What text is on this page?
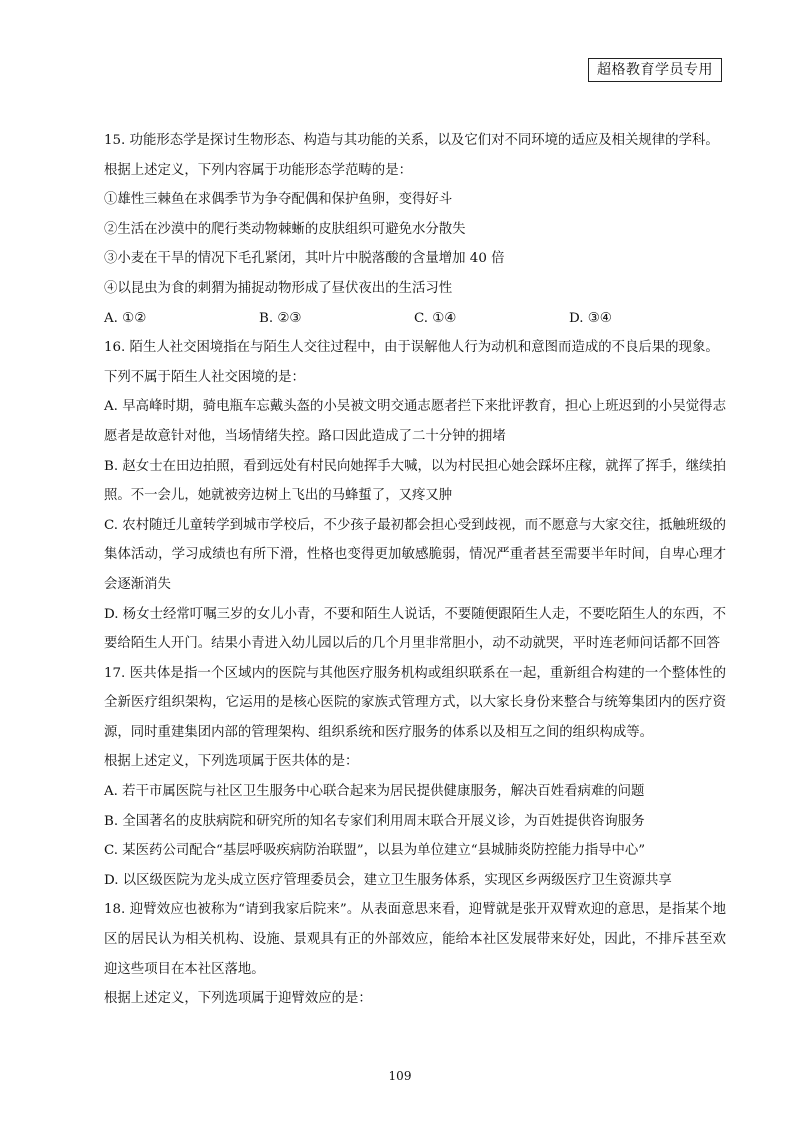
超格教育学员专用
15. 功能形态学是探讨生物形态、构造与其功能的关系，以及它们对不同环境的适应及相关规律的学科。
根据上述定义，下列内容属于功能形态学范畴的是：
①雄性三棘鱼在求偶季节为争夺配偶和保护鱼卵，变得好斗
②生活在沙漠中的爬行类动物棘蜥的皮肤组织可避免水分散失
③小麦在干旱的情况下毛孔紧闭，其叶片中脱落酸的含量增加 40 倍
④以昆虫为食的刺猬为捕捉动物形成了昼伏夜出的生活习性
A. ①②	B. ②③	C. ①④	D. ③④
16. 陌生人社交困境指在与陌生人交往过程中，由于误解他人行为动机和意图而造成的不良后果的现象。
下列不属于陌生人社交困境的是：
A. 早高峰时期，骑电瓶车忘戴头盔的小吴被文明交通志愿者拦下来批评教育，担心上班迟到的小吴觉得志愿者是故意针对他，当场情绪失控。路口因此造成了二十分钟的拥堵
B. 赵女士在田边拍照，看到远处有村民向她挥手大喊，以为村民担心她会踩坏庄稼，就挥了挥手，继续拍照。不一会儿，她就被旁边树上飞出的马蜂蜇了，又疼又肿
C. 农村随迁儿童转学到城市学校后，不少孩子最初都会担心受到歧视，而不愿意与大家交往，抵触班级的集体活动，学习成绩也有所下滑，性格也变得更加敏感脆弱，情况严重者甚至需要半年时间，自卑心理才会逐渐消失
D. 杨女士经常叮嘱三岁的女儿小青，不要和陌生人说话，不要随便跟陌生人走，不要吃陌生人的东西，不要给陌生人开门。结果小青进入幼儿园以后的几个月里非常胆小，动不动就哭，平时连老师问话都不回答
17. 医共体是指一个区域内的医院与其他医疗服务机构或组织联系在一起，重新组合构建的一个整体性的全新医疗组织架构，它运用的是核心医院的家族式管理方式，以大家长身份来整合与统筹集团内的医疗资源，同时重建集团内部的管理架构、组织系统和医疗服务的体系以及相互之间的组织构成等。
根据上述定义，下列选项属于医共体的是：
A. 若干市属医院与社区卫生服务中心联合起来为居民提供健康服务，解决百姓看病难的问题
B. 全国著名的皮肤病院和研究所的知名专家们利用周末联合开展义诊，为百姓提供咨询服务
C. 某医药公司配合“基层呼吸疾病防治联盟”，以县为单位建立“县城肺炎防控能力指导中心”
D. 以区级医院为龙头成立医疗管理委员会，建立卫生服务体系，实现区乡两级医疗卫生资源共享
18. 迎臂效应也被称为“请到我家后院来”。从表面意思来看，迎臂就是张开双臂欢迎的意思，是指某个地区的居民认为相关机构、设施、景观具有正的外部效应，能给本社区发展带来好处，因此，不排斥甚至欢迎这些项目在本社区落地。
根据上述定义，下列选项属于迎臂效应的是：
109
